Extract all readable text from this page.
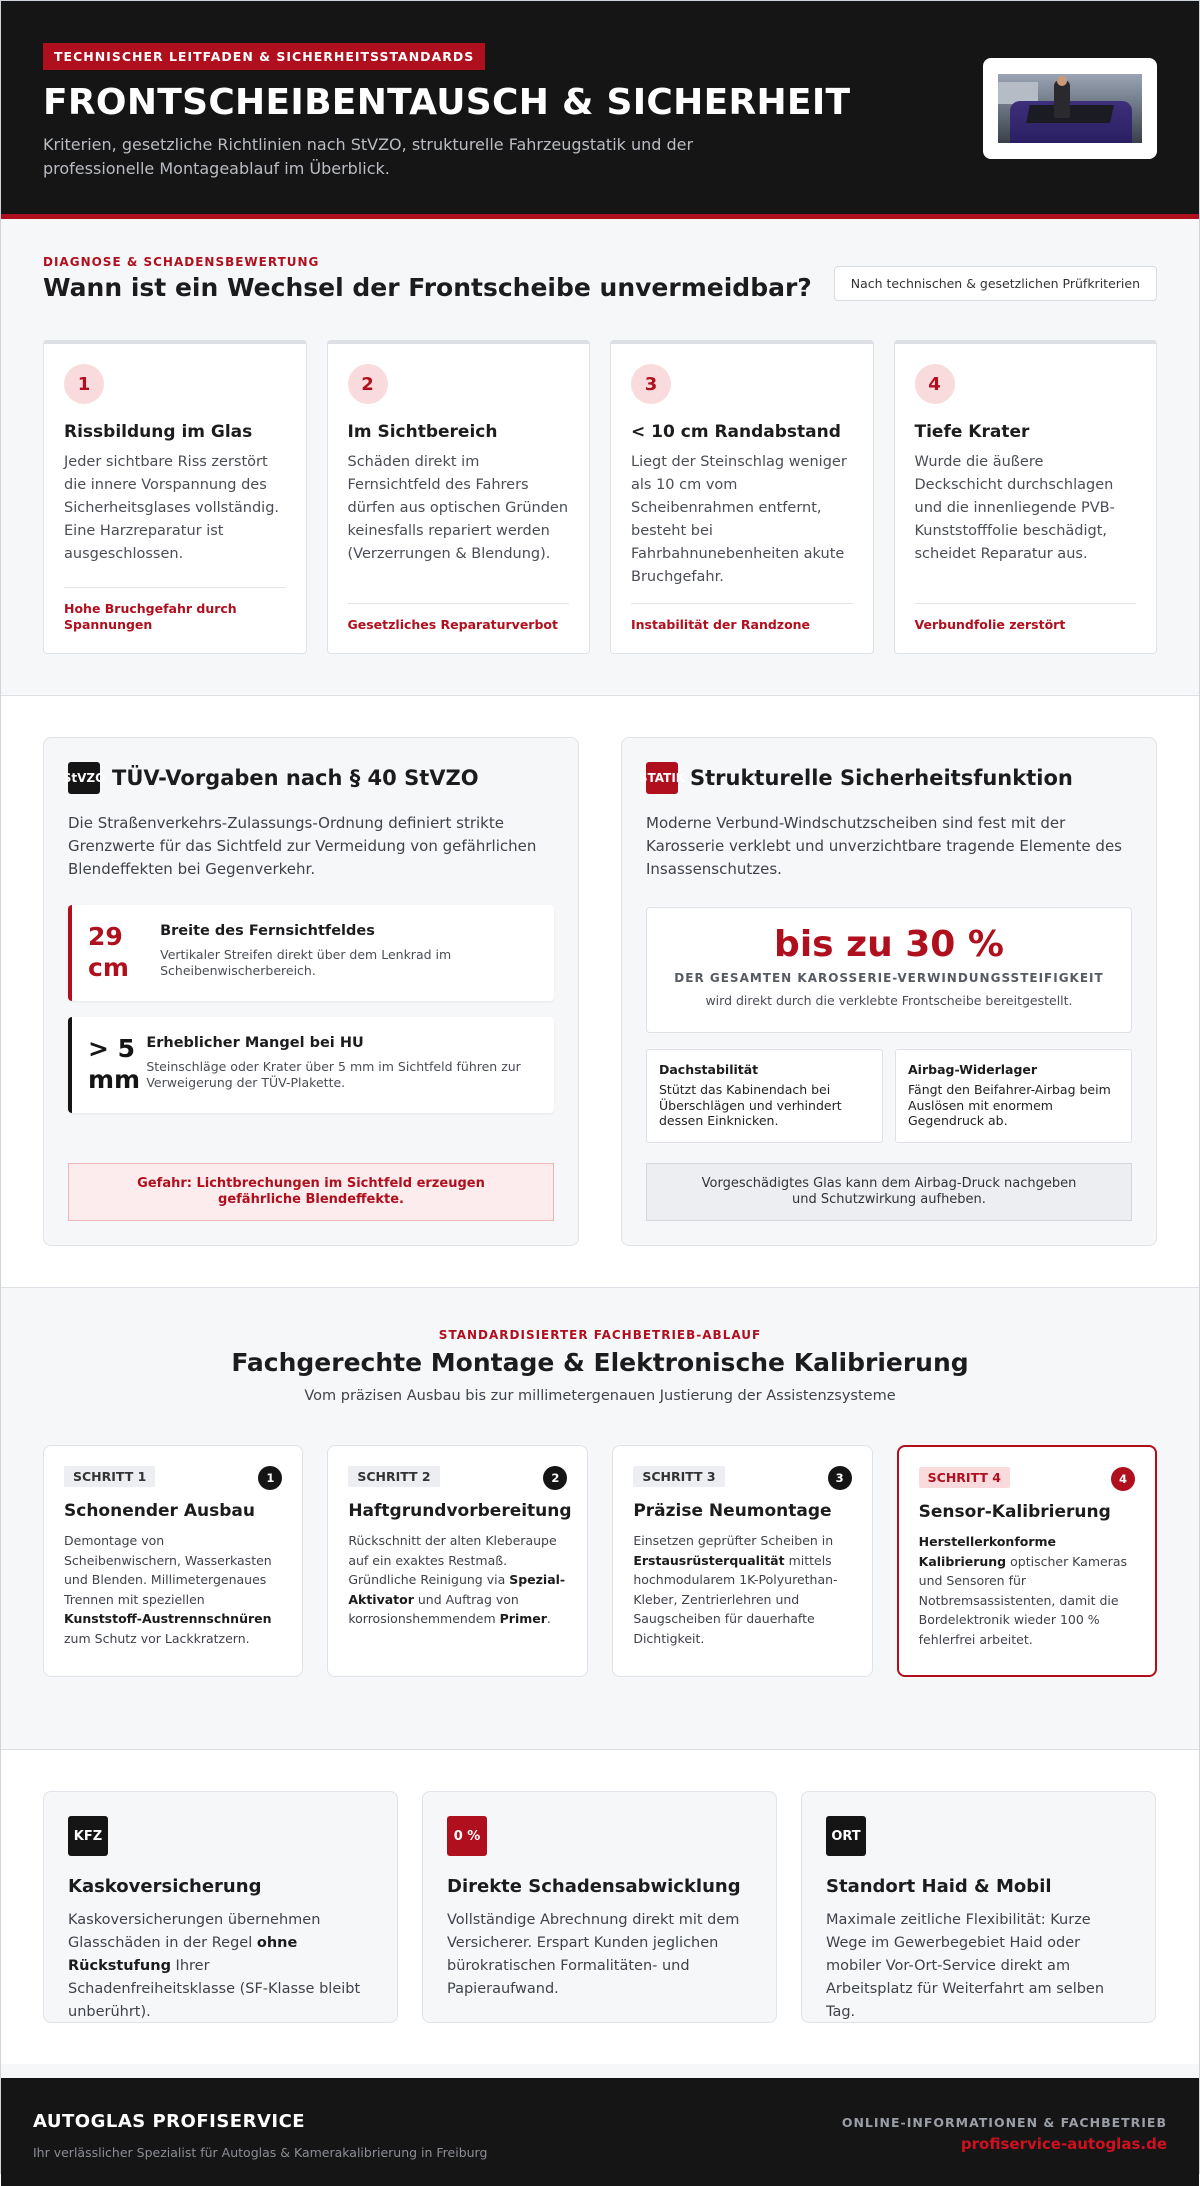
TECHNISCHER LEITFADEN & SICHERHEITSSTANDARDS
FRONTSCHEIBENTAUSCH & SICHERHEIT

Kriterien, gesetzliche Richtlinien nach StVZO, strukturelle Fahrzeugstatik und der professionelle Montageablauf im Überblick.

DIAGNOSE & SCHADENSBEWERTUNG
Wann ist ein Wechsel der Frontscheibe unvermeidbar?	Nach technischen & gesetzlichen Prüfkriterien
1
Rissbildung im Glas

Jeder sichtbare Riss zerstört die innere Vorspannung des Sicherheitsglases vollständig. Eine Harzreparatur ist ausgeschlossen.

Hohe Bruchgefahr durch Spannungen
2
Im Sichtbereich

Schäden direkt im Fernsichtfeld des Fahrers dürfen aus optischen Gründen keinesfalls repariert werden (Verzerrungen & Blendung).

Gesetzliches Reparaturverbot
3
< 10 cm Randabstand

Liegt der Steinschlag weniger als 10 cm vom Scheibenrahmen entfernt, besteht bei Fahrbahnunebenheiten akute Bruchgefahr.

Instabilität der Randzone
4
Tiefe Krater

Wurde die äußere Deckschicht durchschlagen und die innenliegende PVB-Kunststofffolie beschädigt, scheidet Reparatur aus.

Verbundfolie zerstört
StVZO TÜV-Vorgaben nach § 40 StVZO

Die Straßenverkehrs-Zulassungs-Ordnung definiert strikte Grenzwerte für das Sichtfeld zur Vermeidung von gefährlichen Blendeffekten bei Gegenverkehr.

29 cm
Breite des Fernsichtfeldes
Vertikaler Streifen direkt über dem Lenkrad im Scheibenwischerbereich.
> 5 mm
Erheblicher Mangel bei HU
Steinschläge oder Krater über 5 mm im Sichtfeld führen zur Verweigerung der TÜV-Plakette.
Gefahr: Lichtbrechungen im Sichtfeld erzeugen gefährliche Blendeffekte.
STATIK Strukturelle Sicherheitsfunktion

Moderne Verbund-Windschutzscheiben sind fest mit der Karosserie verklebt und unverzichtbare tragende Elemente des Insassenschutzes.

bis zu 30 %
DER GESAMTEN KAROSSERIE-VERWINDUNGSSTEIFIGKEIT
wird direkt durch die verklebte Frontscheibe bereitgestellt.
Dachstabilität
Stützt das Kabinendach bei Überschlägen und verhindert dessen Einknicken.
Airbag-Widerlager
Fängt den Beifahrer-Airbag beim Auslösen mit enormem Gegendruck ab.
Vorgeschädigtes Glas kann dem Airbag-Druck nachgeben und Schutzwirkung aufheben.
STANDARDISIERTER FACHBETRIEB-ABLAUF
Fachgerechte Montage & Elektronische Kalibrierung

Vom präzisen Ausbau bis zur millimetergenauen Justierung der Assistenzsysteme

SCHRITT 1	1
Schonender Ausbau

Demontage von Scheibenwischern, Wasserkasten und Blenden. Millimetergenaues Trennen mit speziellen Kunststoff-Austrennschnüren zum Schutz vor Lackkratzern.

SCHRITT 2	2
Haftgrundvorbereitung

Rückschnitt der alten Kleberaupe auf ein exaktes Restmaß. Gründliche Reinigung via Spezial-Aktivator und Auftrag von korrosionshemmendem Primer.

SCHRITT 3	3
Präzise Neumontage

Einsetzen geprüfter Scheiben in Erstausrüsterqualität mittels hochmodularem 1K-Polyurethan-Kleber, Zentrierlehren und Saugscheiben für dauerhafte Dichtigkeit.

SCHRITT 4	4
Sensor-Kalibrierung

Herstellerkonforme Kalibrierung optischer Kameras und Sensoren für Notbremsassistenten, damit die Bordelektronik wieder 100 % fehlerfrei arbeitet.

KFZ
Kaskoversicherung

Kaskoversicherungen übernehmen Glasschäden in der Regel ohne Rückstufung Ihrer Schadenfreiheitsklasse (SF-Klasse bleibt unberührt).

0 %
Direkte Schadensabwicklung

Vollständige Abrechnung direkt mit dem Versicherer. Erspart Kunden jeglichen bürokratischen Formalitäten- und Papieraufwand.

ORT
Standort Haid & Mobil

Maximale zeitliche Flexibilität: Kurze Wege im Gewerbegebiet Haid oder mobiler Vor-Ort-Service direkt am Arbeitsplatz für Weiterfahrt am selben Tag.

AUTOGLAS PROFISERVICE
Ihr verlässlicher Spezialist für Autoglas & Kamerakalibrierung in Freiburg
ONLINE-INFORMATIONEN & FACHBETRIEB
profiservice-autoglas.de
